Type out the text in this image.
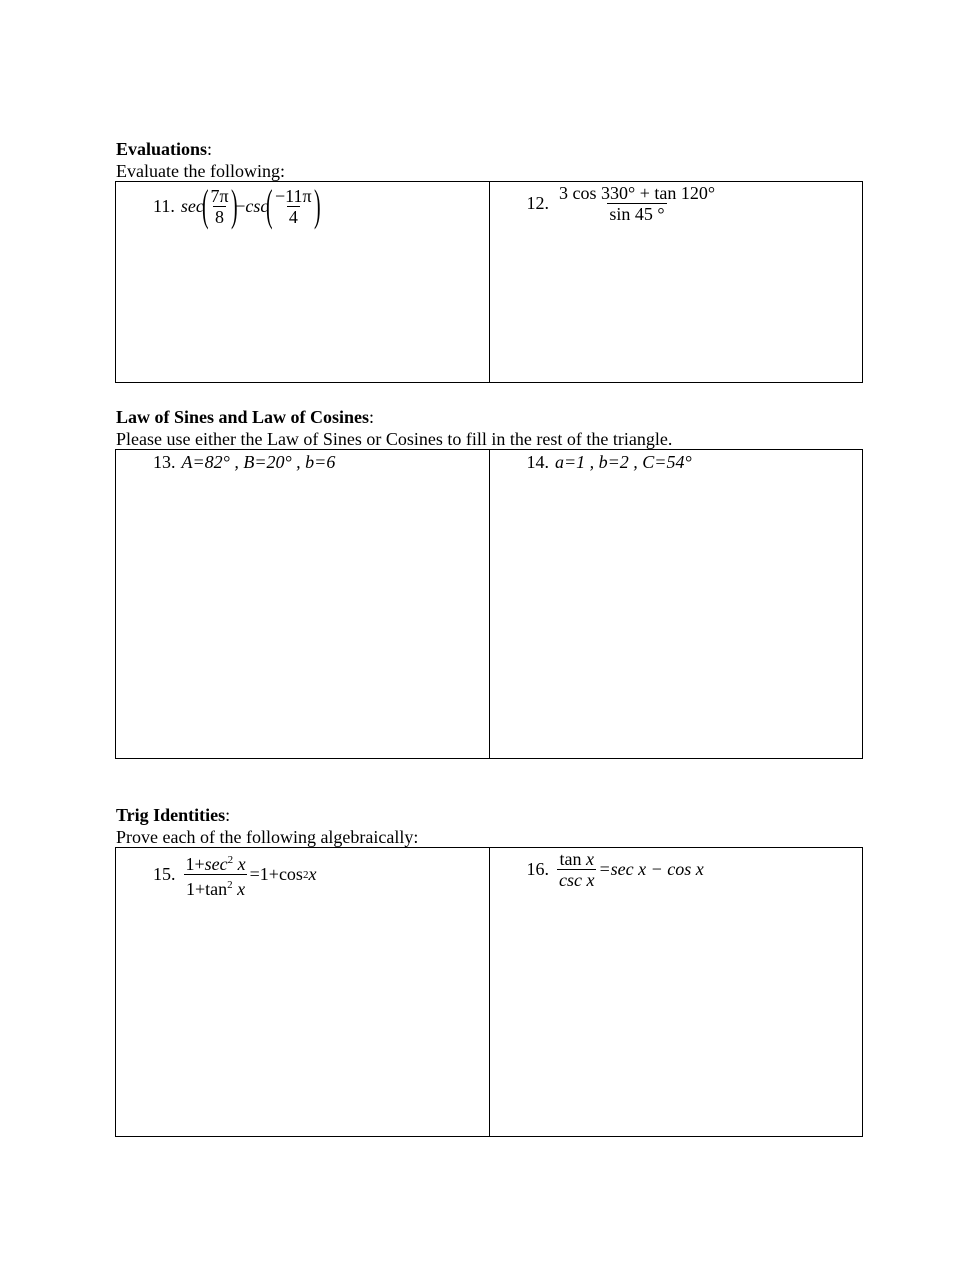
Evaluations:
Evaluate the following:
11. sec
( $\frac{7\pi}{8}$ )
− csc
( $\frac{-11\pi}{4}$ )	12. $\frac{3 \cos 330^\circ + \tan 120^\circ}{\sin 45 ^\circ}$
Law of Sines and Law of Cosines:
Please use either the Law of Sines or Cosines to fill in the rest of the triangle.
13. A=82° , B=20° , b=6	14. a=1 , b=2 , C=54°
Trig Identities:
Prove each of the following algebraically:
15. $\frac{1+\sec^2 x}{1+\tan^2 x} =1+\cos$ 2 x	16. $\frac{\text{tan x}}{\text{csc x}} =\sec$ x − cos x
